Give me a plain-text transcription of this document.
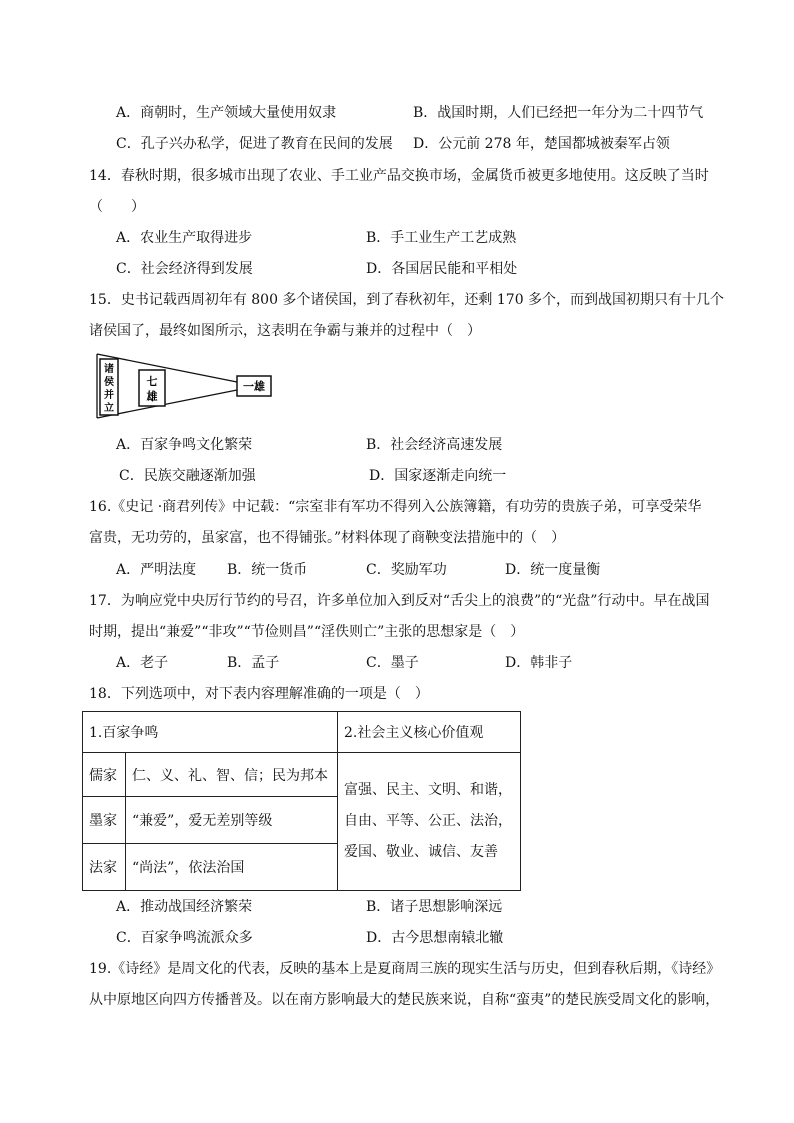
A．商朝时，生产领域大量使用奴隶	B．战国时期，人们已经把一年分为二十四节气
C．孔子兴办私学，促进了教育在民间的发展 D．公元前 278 年，楚国都城被秦军占领
14．春秋时期，很多城市出现了农业、手工业产品交换市场，金属货币被更多地使用。这反映了当时
（　　）
A．农业生产取得进步	B．手工业生产工艺成熟
C．社会经济得到发展	D．各国居民能和平相处
15．史书记载西周初年有 800 多个诸侯国，到了春秋初年，还剩 170 多个，而到战国初期只有十几个
诸侯国了，最终如图所示，这表明在争霸与兼并的过程中（　）
诸
侯
并
立
七
雄
一雄
A．百家争鸣文化繁荣	B．社会经济高速发展
C．民族交融逐渐加强	D．国家逐渐走向统一
16.《史记 ·商君列传》中记载：“宗室非有军功不得列入公族簿籍，有功劳的贵族子弟，可享受荣华
富贵，无功劳的，虽家富，也不得铺张。”材料体现了商鞅变法措施中的（　）
A．严明法度 B．统一货币	C．奖励军功	D．统一度量衡
17．为响应党中央厉行节约的号召，许多单位加入到反对“舌尖上的浪费”的“光盘”行动中。早在战国
时期，提出“兼爱”“非攻”“节俭则昌”“淫佚则亡”主张的思想家是（　）
A．老子	B．孟子	C．墨子	D．韩非子
18．下列选项中，对下表内容理解准确的一项是（　）
1.百家争鸣		2.社会主义核心价值观
儒家	仁、义、礼、智、信；民为邦本	富强、民主、文明、和谐，
自由、平等、公正、法治，
爱国、敬业、诚信、友善

墨家	“兼爱”，爱无差别等级	
法家	“尚法”，依法治国	
A．推动战国经济繁荣	B．诸子思想影响深远
C．百家争鸣流派众多	D．古今思想南辕北辙
19.《诗经》是周文化的代表，反映的基本上是夏商周三族的现实生活与历史，但到春秋后期，《诗经》
从中原地区向四方传播普及。以在南方影响最大的楚民族来说，自称“蛮夷”的楚民族受周文化的影响，
